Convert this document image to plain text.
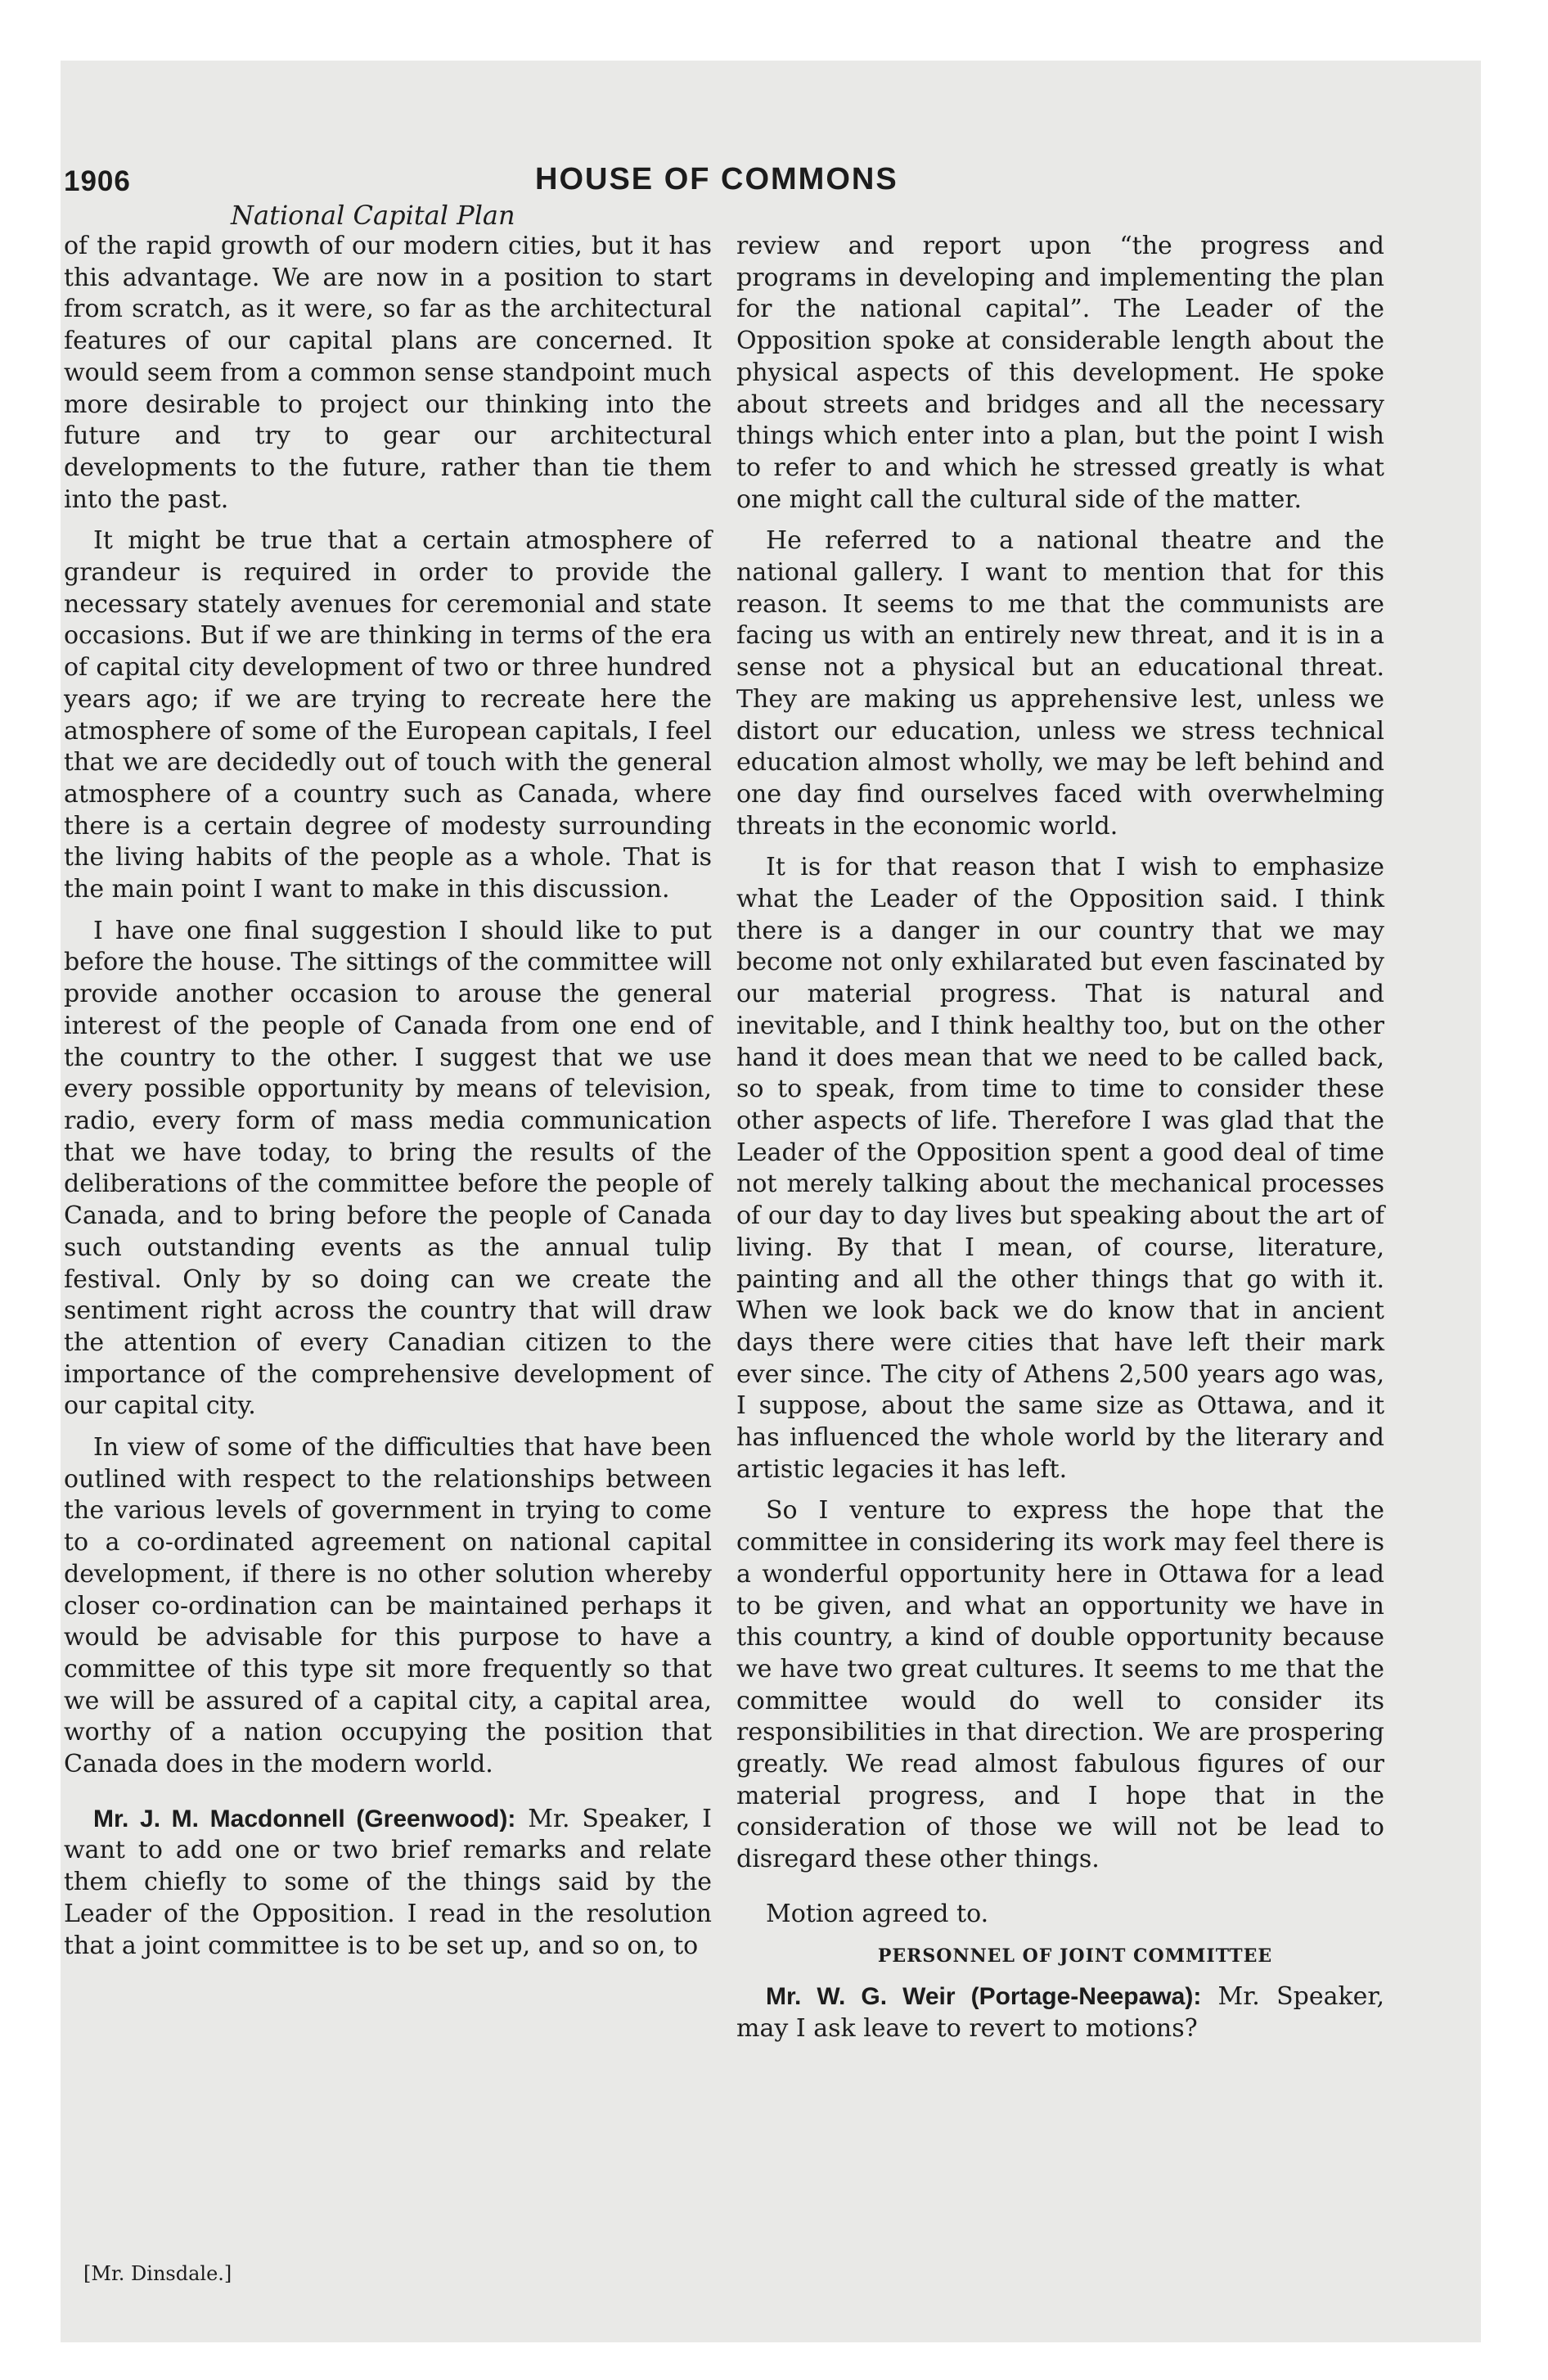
1906	HOUSE OF COMMONS
National Capital Plan

of the rapid growth of our modern cities, but it has this advantage. We are now in a position to start from scratch, as it were, so far as the architectural features of our capital plans are concerned. It would seem from a common sense standpoint much more desirable to project our thinking into the future and try to gear our architectural developments to the future, rather than tie them into the past.

It might be true that a certain atmosphere of grandeur is required in order to provide the necessary stately avenues for ceremonial and state occasions. But if we are thinking in terms of the era of capital city development of two or three hundred years ago; if we are trying to recreate here the atmosphere of some of the European capitals, I feel that we are decidedly out of touch with the general atmosphere of a country such as Canada, where there is a certain degree of modesty surrounding the living habits of the people as a whole. That is the main point I want to make in this discussion.

I have one final suggestion I should like to put before the house. The sittings of the committee will provide another occasion to arouse the general interest of the people of Canada from one end of the country to the other. I suggest that we use every possible opportunity by means of television, radio, every form of mass media communication that we have today, to bring the results of the deliberations of the committee before the people of Canada, and to bring before the people of Canada such outstanding events as the annual tulip festival. Only by so doing can we create the sentiment right across the country that will draw the attention of every Canadian citizen to the importance of the comprehensive development of our capital city.

In view of some of the difficulties that have been outlined with respect to the relationships between the various levels of government in trying to come to a co-ordinated agreement on national capital development, if there is no other solution whereby closer co-ordination can be maintained perhaps it would be advisable for this purpose to have a committee of this type sit more frequently so that we will be assured of a capital city, a capital area, worthy of a nation occupying the position that Canada does in the modern world.

Mr. J. M. Macdonnell (Greenwood): Mr. Speaker, I want to add one or two brief remarks and relate them chiefly to some of the things said by the Leader of the Opposition. I read in the resolution that a joint committee is to be set up, and so on, to

review and report upon “the progress and programs in developing and implementing the plan for the national capital”. The Leader of the Opposition spoke at considerable length about the physical aspects of this development. He spoke about streets and bridges and all the necessary things which enter into a plan, but the point I wish to refer to and which he stressed greatly is what one might call the cultural side of the matter.

He referred to a national theatre and the national gallery. I want to mention that for this reason. It seems to me that the communists are facing us with an entirely new threat, and it is in a sense not a physical but an educational threat. They are making us apprehensive lest, unless we distort our education, unless we stress technical education almost wholly, we may be left behind and one day find ourselves faced with overwhelming threats in the economic world.

It is for that reason that I wish to emphasize what the Leader of the Opposition said. I think there is a danger in our country that we may become not only exhilarated but even fascinated by our material progress. That is natural and inevitable, and I think healthy too, but on the other hand it does mean that we need to be called back, so to speak, from time to time to consider these other aspects of life. Therefore I was glad that the Leader of the Opposition spent a good deal of time not merely talking about the mechanical processes of our day to day lives but speaking about the art of living. By that I mean, of course, literature, painting and all the other things that go with it. When we look back we do know that in ancient days there were cities that have left their mark ever since. The city of Athens 2,500 years ago was, I suppose, about the same size as Ottawa, and it has influenced the whole world by the literary and artistic legacies it has left.

So I venture to express the hope that the committee in considering its work may feel there is a wonderful opportunity here in Ottawa for a lead to be given, and what an opportunity we have in this country, a kind of double opportunity because we have two great cultures. It seems to me that the committee would do well to consider its responsibilities in that direction. We are prospering greatly. We read almost fabulous figures of our material progress, and I hope that in the consideration of those we will not be lead to disregard these other things.

Motion agreed to.

PERSONNEL OF JOINT COMMITTEE

Mr. W. G. Weir (Portage-Neepawa): Mr. Speaker, may I ask leave to revert to motions?

[Mr. Dinsdale.]
